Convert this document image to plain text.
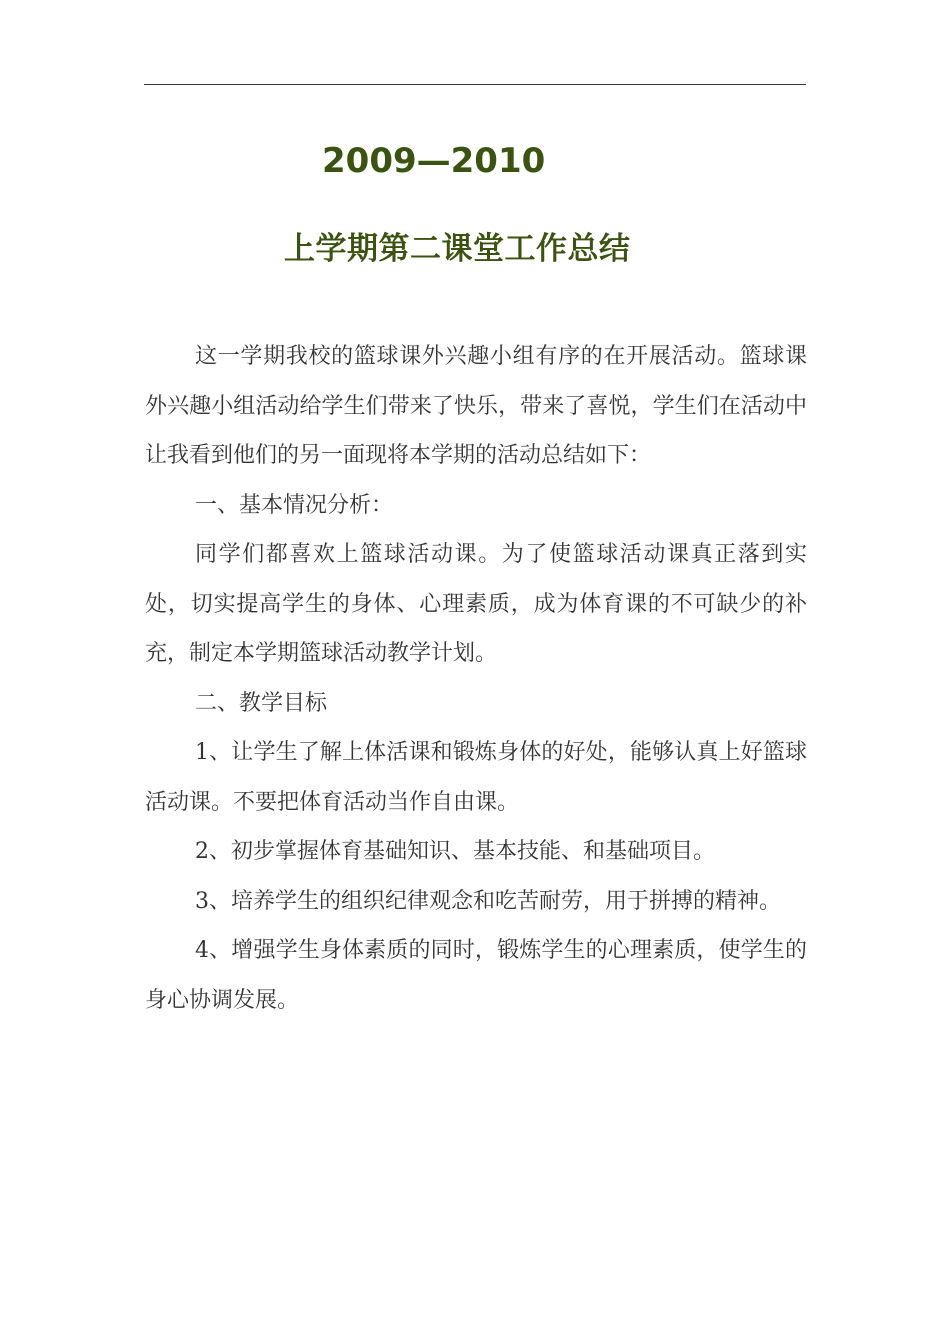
2009—2010
上学期第二课堂工作总结

这一学期我校的篮球课外兴趣小组有序的在开展活动。篮球课外兴趣小组活动给学生们带来了快乐，带来了喜悦，学生们在活动中让我看到他们的另一面现将本学期的活动总结如下：

一、基本情况分析：

同学们都喜欢上篮球活动课。为了使篮球活动课真正落到实处，切实提高学生的身体、心理素质，成为体育课的不可缺少的补充，制定本学期篮球活动教学计划。

二、教学目标

1、让学生了解上体活课和锻炼身体的好处，能够认真上好篮球活动课。不要把体育活动当作自由课。

2、初步掌握体育基础知识、基本技能、和基础项目。

3、培养学生的组织纪律观念和吃苦耐劳，用于拼搏的精神。

4、增强学生身体素质的同时，锻炼学生的心理素质，使学生的身心协调发展。
